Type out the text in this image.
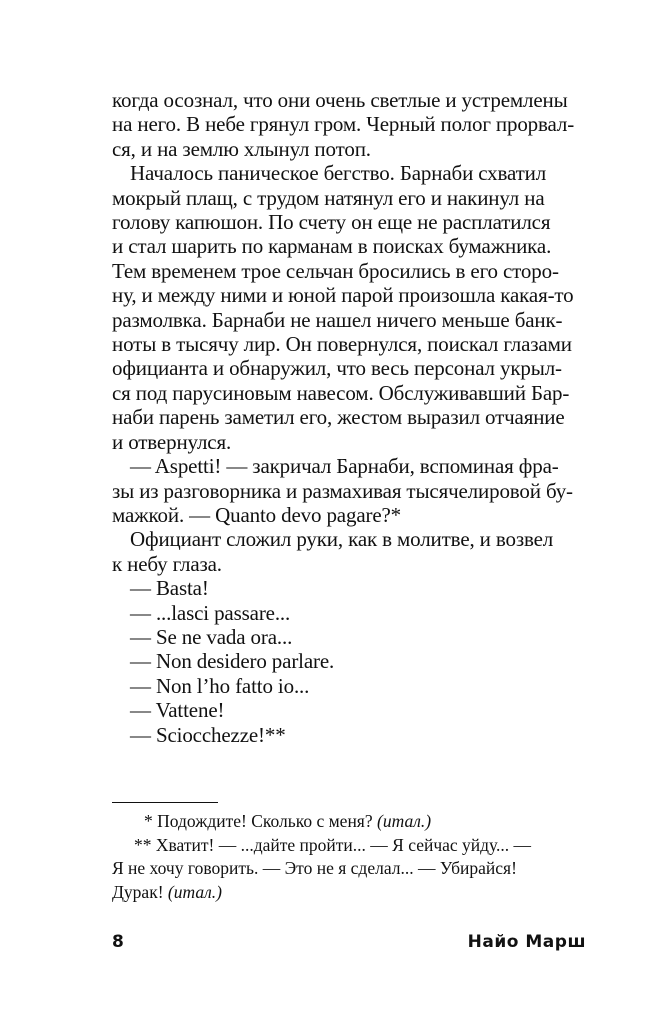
когда осознал, что они очень светлые и устремлены
на него. В небе грянул гром. Черный полог прорвал-
ся, и на землю хлынул потоп.

Началось паническое бегство. Барнаби схватил
мокрый плащ, с трудом натянул его и накинул на
голову капюшон. По счету он еще не расплатился
и стал шарить по карманам в поисках бумажника.
Тем временем трое сельчан бросились в его сторо-
ну, и между ними и юной парой произошла какая-то
размолвка. Барнаби не нашел ничего меньше банк-
ноты в тысячу лир. Он повернулся, поискал глазами
официанта и обнаружил, что весь персонал укрыл-
ся под парусиновым навесом. Обслуживавший Бар-
наби парень заметил его, жестом выразил отчаяние
и отвернулся.

— Aspetti! — закричал Барнаби, вспоминая фра-
зы из разговорника и размахивая тысячелировой бу-
мажкой. — Quanto devo pagare?*

Официант сложил руки, как в молитве, и возвел
к небу глаза.

— Basta!

— ...lasci passare...

— Se ne vada ora...

— Non desidero parlare.

— Non l’ho fatto io...

— Vattene!

— Sciocchezze!**

* Подождите! Сколько с меня? (итал.)

** Хватит! — ...дайте пройти... — Я сейчас уйду... —
Я не хочу говорить. — Это не я сделал... — Убирайся!
Дурак! (итал.)

8	Найо Марш
